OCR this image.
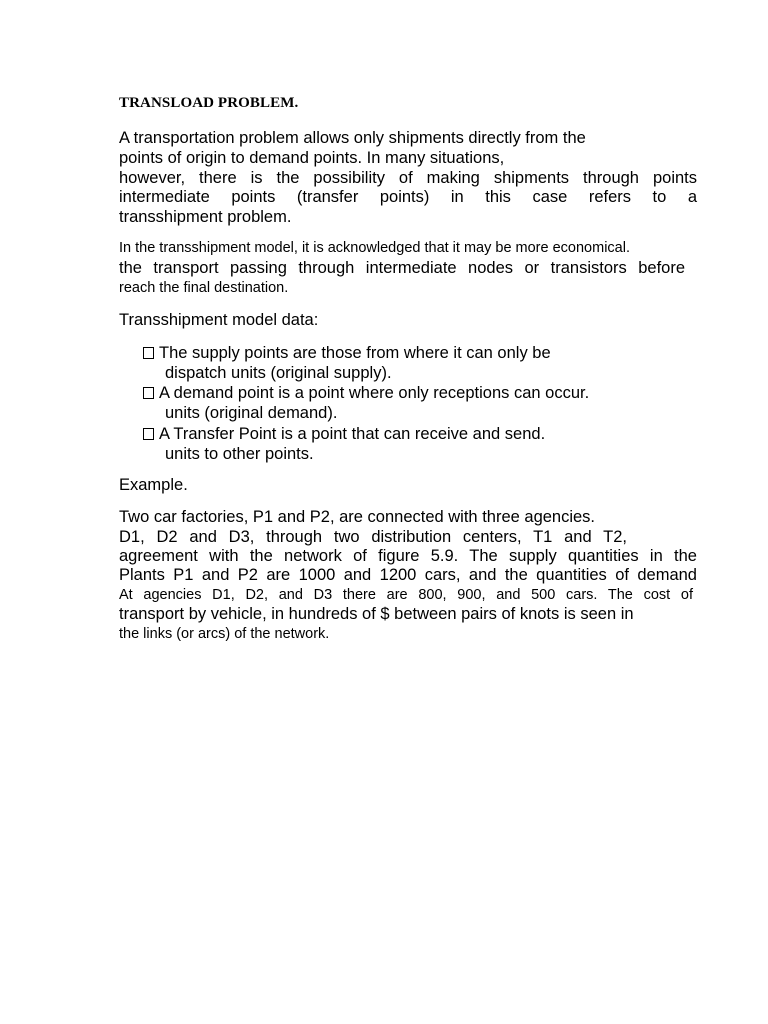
TRANSLOAD PROBLEM.
A transportation problem allows only shipments directly from the
points of origin to demand points. In many situations,
however, there is the possibility of making shipments through points
intermediate points (transfer points) in this case refers to a
transshipment problem.
In the transshipment model, it is acknowledged that it may be more economical.
the transport passing through intermediate nodes or transistors before
reach the final destination.
Transshipment model data:
The supply points are those from where it can only be
dispatch units (original supply).
A demand point is a point where only receptions can occur.
units (original demand).
A Transfer Point is a point that can receive and send.
units to other points.
Example.
Two car factories, P1 and P2, are connected with three agencies.
D1, D2 and D3, through two distribution centers, T1 and T2,
agreement with the network of figure 5.9. The supply quantities in the
Plants P1 and P2 are 1000 and 1200 cars, and the quantities of demand
At agencies D1, D2, and D3 there are 800, 900, and 500 cars. The cost of
transport by vehicle, in hundreds of $ between pairs of knots is seen in
the links (or arcs) of the network.
